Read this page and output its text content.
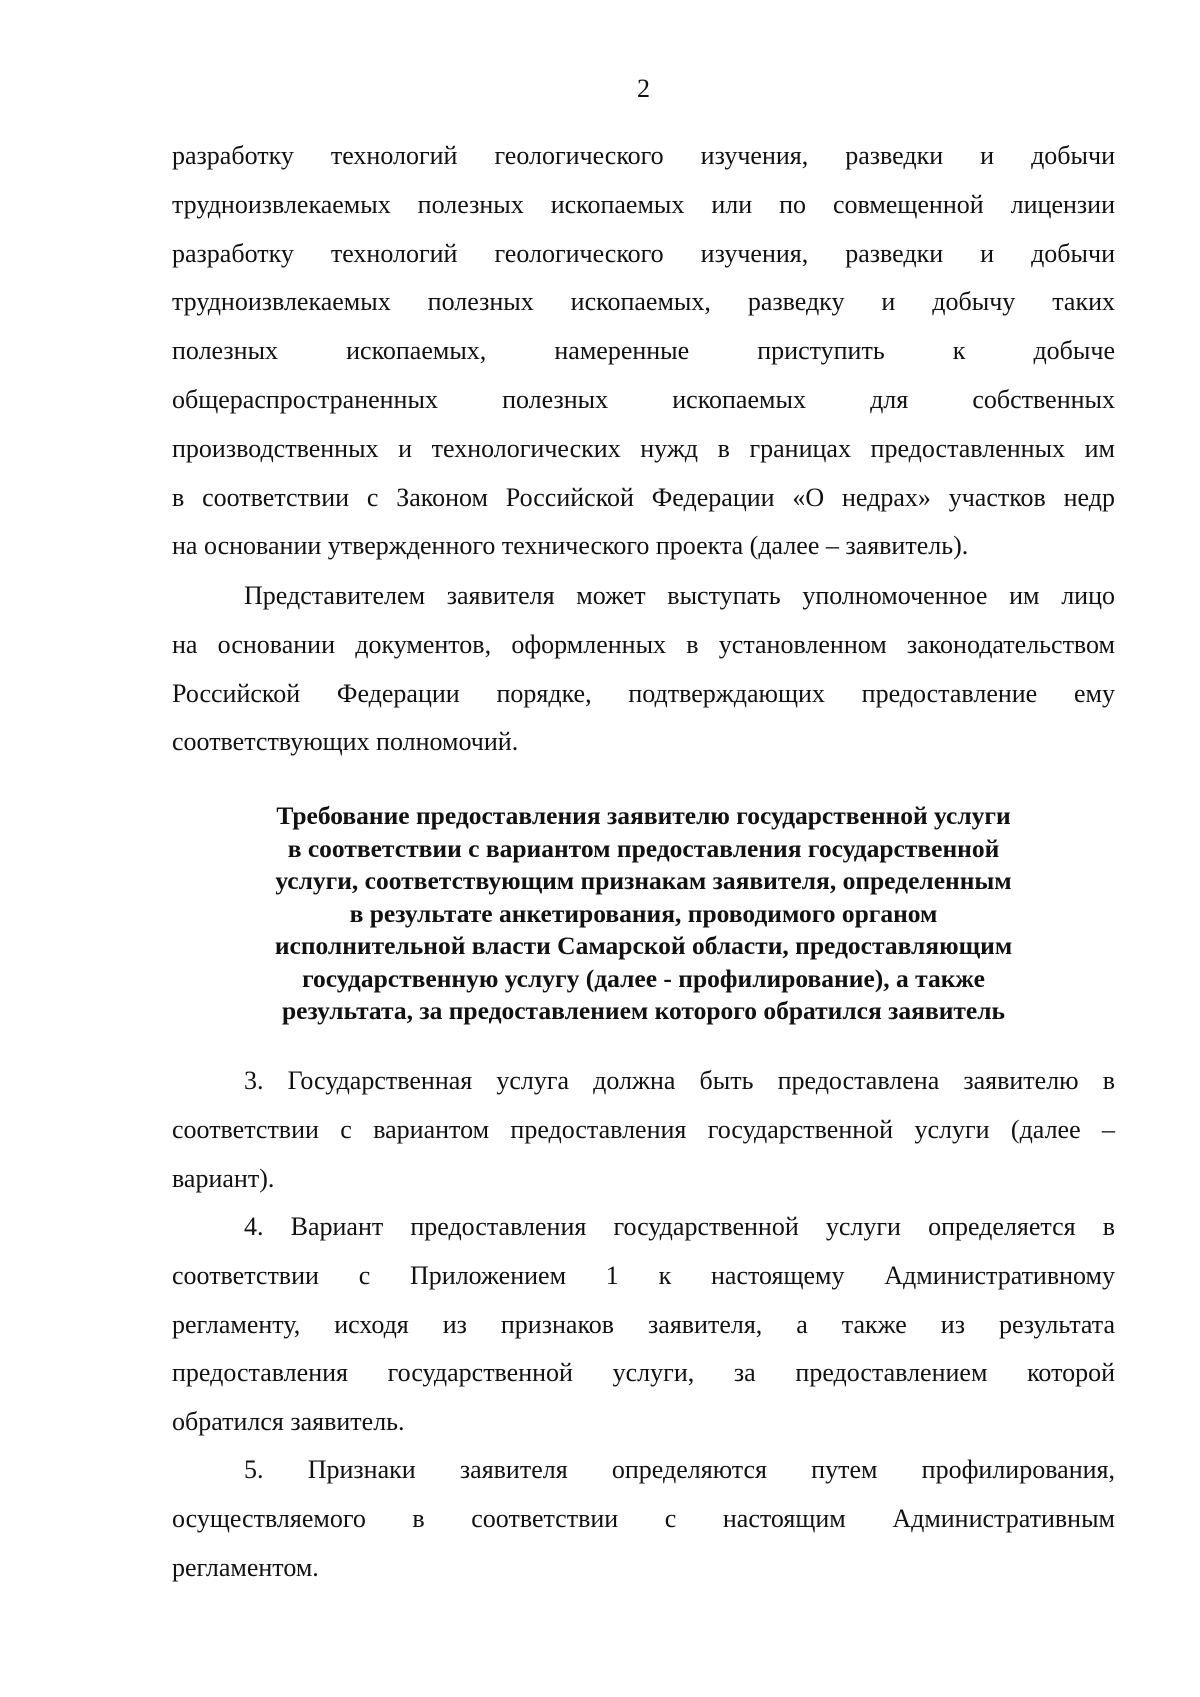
2
разработку технологий геологического изучения, разведки и добычи
трудноизвлекаемых полезных ископаемых или по совмещенной лицензии
разработку технологий геологического изучения, разведки и добычи
трудноизвлекаемых полезных ископаемых, разведку и добычу таких
полезных ископаемых, намеренные приступить к добыче
общераспространенных полезных ископаемых для собственных
производственных и технологических нужд в границах предоставленных им
в соответствии с Законом Российской Федерации «О недрах» участков недр
на основании утвержденного технического проекта (далее – заявитель).
Представителем заявителя может выступать уполномоченное им лицо
на основании документов, оформленных в установленном законодательством
Российской Федерации порядке, подтверждающих предоставление ему
соответствующих полномочий.
Требование предоставления заявителю государственной услуги
в соответствии с вариантом предоставления государственной
услуги, соответствующим признакам заявителя, определенным
в результате анкетирования, проводимого органом
исполнительной власти Самарской области, предоставляющим
государственную услугу (далее - профилирование), а также
результата, за предоставлением которого обратился заявитель
3. Государственная услуга должна быть предоставлена заявителю в
соответствии с вариантом предоставления государственной услуги (далее –
вариант).
4. Вариант предоставления государственной услуги определяется в
соответствии с Приложением 1 к настоящему Административному
регламенту, исходя из признаков заявителя, а также из результата
предоставления государственной услуги, за предоставлением которой
обратился заявитель.
5. Признаки заявителя определяются путем профилирования,
осуществляемого в соответствии с настоящим Административным
регламентом.
